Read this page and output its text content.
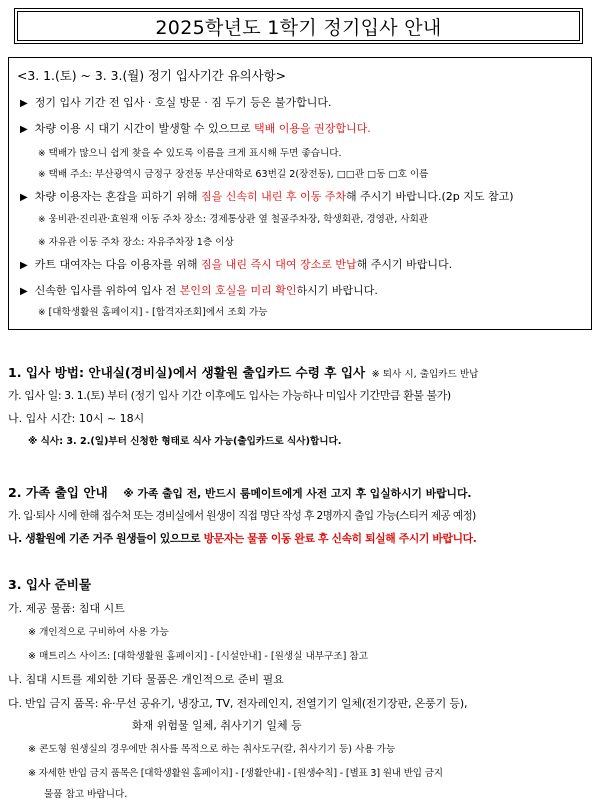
2025학년도 1학기 정기입사 안내
<3. 1.(토) ~ 3. 3.(월) 정기 입사기간 유의사항>
▶ 정기 입사 기간 전 입사 · 호실 방문 · 짐 두기 등은 불가합니다.
▶ 차량 이용 시 대기 시간이 발생할 수 있으므로 택배 이용을 권장합니다.
※ 택배가 많으니 쉽게 찾을 수 있도록 이름을 크게 표시해 두면 좋습니다.
※ 택배 주소: 부산광역시 금정구 장전동 부산대학로 63번길 2(장전동), □□관 □동 □호 이름
▶ 차량 이용자는 혼잡을 피하기 위해 짐을 신속히 내린 후 이동 주차해 주시기 바랍니다.(2p 지도 참고)
※ 웅비관·진리관·효원재 이동 주차 장소: 경제통상관 옆 철골주차장, 학생회관, 경영관, 사회관
※ 자유관 이동 주차 장소: 자유주차장 1층 이상
▶ 카트 대여자는 다음 이용자를 위해 짐을 내린 즉시 대여 장소로 반납해 주시기 바랍니다.
▶ 신속한 입사를 위하여 입사 전 본인의 호실을 미리 확인하시기 바랍니다.
※ [대학생활원 홈페이지] - [합격자조회]에서 조회 가능
1. 입사 방법: 안내실(경비실)에서 생활원 출입카드 수령 후 입사 ※ 퇴사 시, 출입카드 반납
가. 입사 일: 3. 1.(토) 부터 (정기 입사 기간 이후에도 입사는 가능하나 미입사 기간만큼 환불 불가)
나. 입사 시간: 10시 ~ 18시
※ 식사: 3. 2.(일)부터 신청한 형태로 식사 가능(출입카드로 식사)합니다.
2. 가족 출입 안내 ※ 가족 출입 전, 반드시 룸메이트에게 사전 고지 후 입실하시기 바랍니다.
가. 입·퇴사 시에 한해 접수처 또는 경비실에서 원생이 직접 명단 작성 후 2명까지 출입 가능(스티커 제공 예정)
나. 생활원에 기존 거주 원생들이 있으므로 방문자는 물품 이동 완료 후 신속히 퇴실해 주시기 바랍니다.
3. 입사 준비물
가. 제공 물품: 침대 시트
※ 개인적으로 구비하여 사용 가능
※ 매트리스 사이즈: [대학생활원 홈페이지] - [시설안내] - [원생실 내부구조] 참고
나. 침대 시트를 제외한 기타 물품은 개인적으로 준비 필요
다. 반입 금지 품목: 유·무선 공유기, 냉장고, TV, 전자레인지, 전열기기 일체(전기장판, 온풍기 등),
화재 위험물 일체, 취사기기 일체 등
※ 콘도형 원생실의 경우에만 취사를 목적으로 하는 취사도구(칼, 취사기기 등) 사용 가능
※ 자세한 반입 금지 품목은 [대학생활원 홈페이지] - [생활안내] - [원생수칙] - [별표 3] 원내 반입 금지
물품 참고 바랍니다.
